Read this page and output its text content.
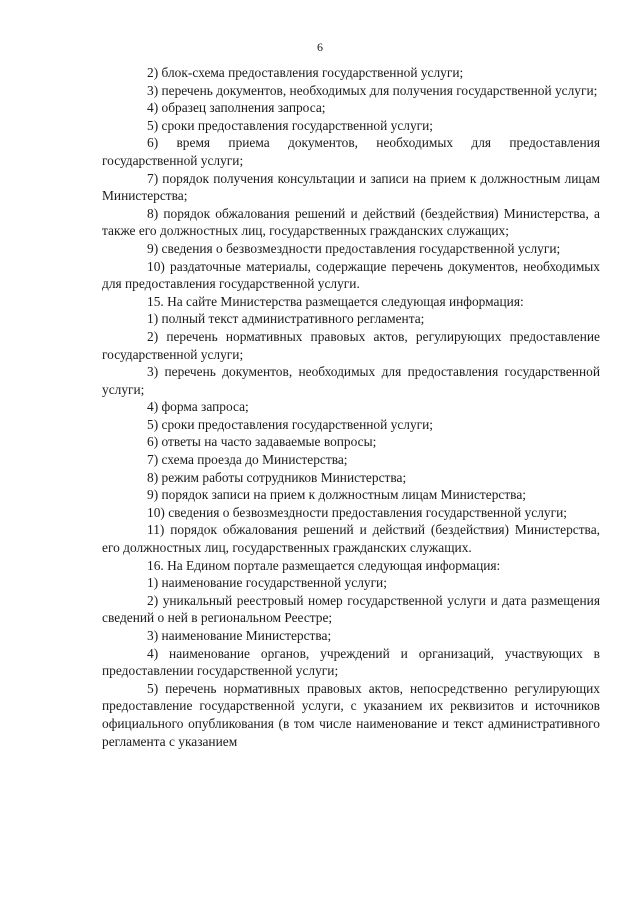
6

2) блок-схема предоставления государственной услуги;

3) перечень документов, необходимых для получения государственной услуги;

4) образец заполнения запроса;

5) сроки предоставления государственной услуги;

6) время приема документов, необходимых для предоставления государственной услуги;

7) порядок получения консультации и записи на прием к должностным лицам Министерства;

8) порядок обжалования решений и действий (бездействия) Министерства, а также его должностных лиц, государственных гражданских служащих;

9) сведения о безвозмездности предоставления государственной услуги;

10) раздаточные материалы, содержащие перечень документов, необходимых для предоставления государственной услуги.

15. На сайте Министерства размещается следующая информация:

1) полный текст административного регламента;

2) перечень нормативных правовых актов, регулирующих предоставление государственной услуги;

3) перечень документов, необходимых для предоставления государственной услуги;

4) форма запроса;

5) сроки предоставления государственной услуги;

6) ответы на часто задаваемые вопросы;

7) схема проезда до Министерства;

8) режим работы сотрудников Министерства;

9) порядок записи на прием к должностным лицам Министерства;

10) сведения о безвозмездности предоставления государственной услуги;

11) порядок обжалования решений и действий (бездействия) Министерства, его должностных лиц, государственных гражданских служащих.

16. На Едином портале размещается следующая информация:

1) наименование государственной услуги;

2) уникальный реестровый номер государственной услуги и дата размещения сведений о ней в региональном Реестре;

3) наименование Министерства;

4) наименование органов, учреждений и организаций, участвующих в предоставлении государственной услуги;

5) перечень нормативных правовых актов, непосредственно регулирующих предоставление государственной услуги, с указанием их реквизитов и источников официального опубликования (в том числе наименование и текст административного регламента с указанием
